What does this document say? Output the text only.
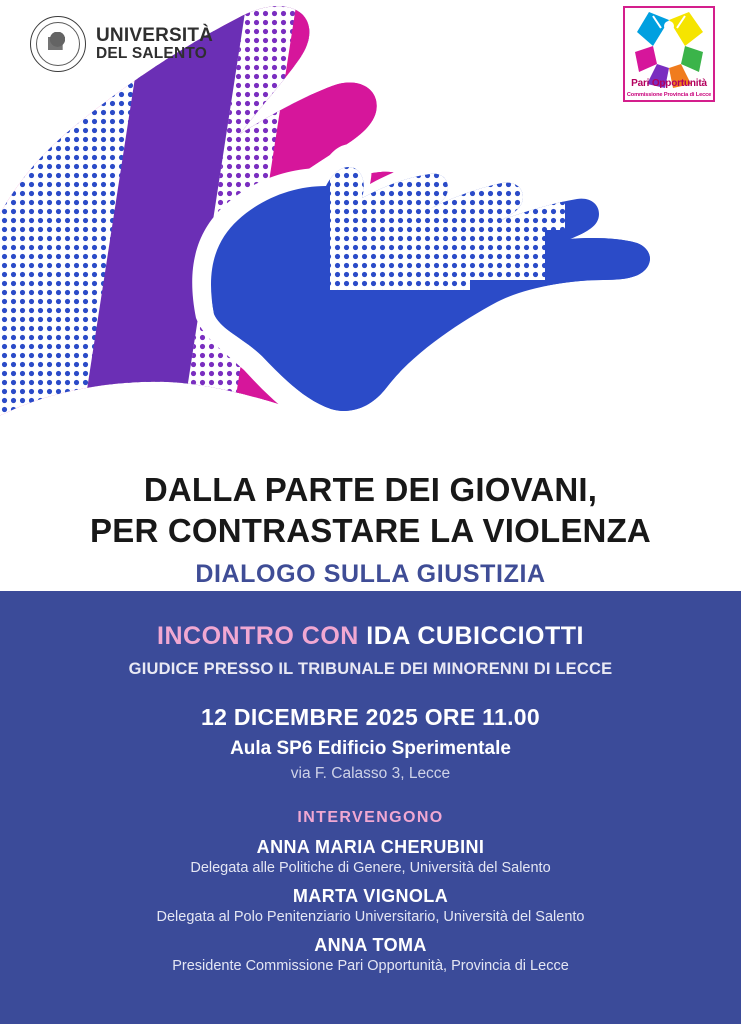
DALLA PARTE DEI GIOVANI,
PER CONTRASTARE LA VIOLENZA
DIALOGO SULLA GIUSTIZIA
UNIVERSITÀ
DEL SALENTO
Pari Opportunità
Commissione Provincia di Lecce
INCONTRO CON IDA CUBICCIOTTI
GIUDICE PRESSO IL TRIBUNALE DEI MINORENNI DI LECCE
12 DICEMBRE 2025 ORE 11.00
Aula SP6 Edificio Sperimentale
via F. Calasso 3, Lecce
INTERVENGONO
ANNA MARIA CHERUBINI
Delegata alle Politiche di Genere, Università del Salento
MARTA VIGNOLA
Delegata al Polo Penitenziario Universitario, Università del Salento
ANNA TOMA
Presidente Commissione Pari Opportunità, Provincia di Lecce
